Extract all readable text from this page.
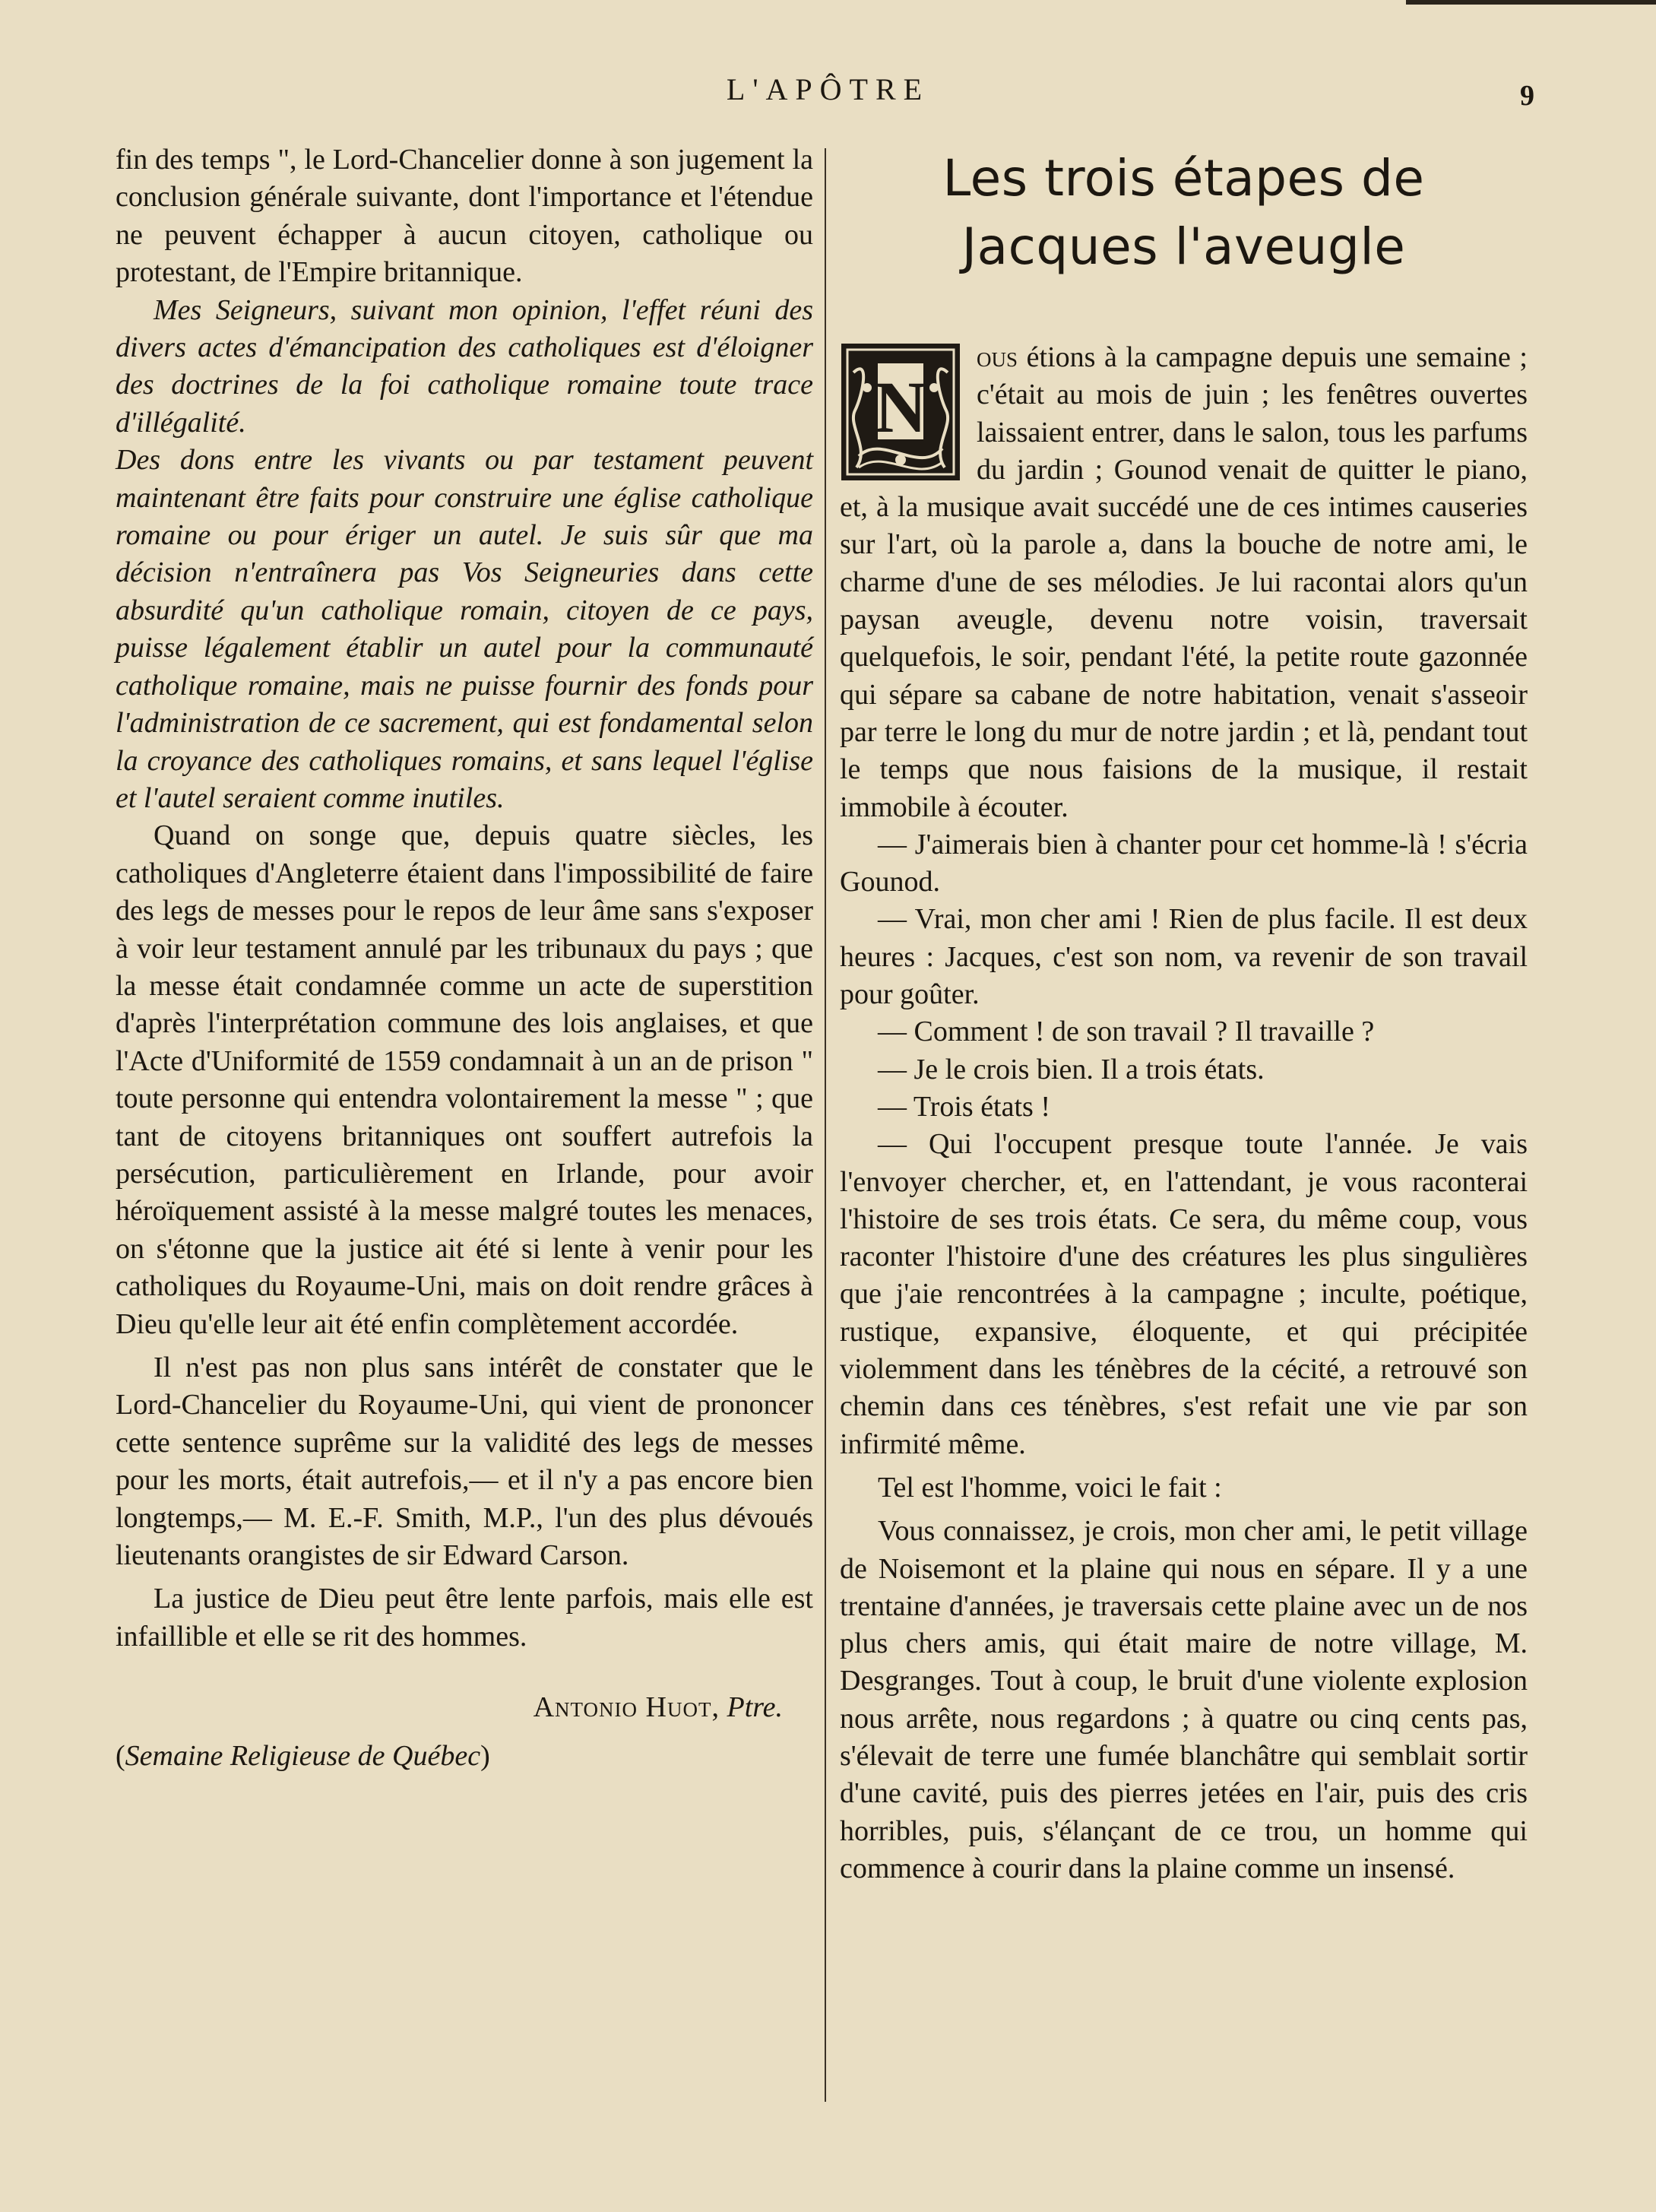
L'APÔTRE	9

fin des temps ", le Lord-Chancelier donne à son jugement la conclusion générale suivante, dont l'importance et l'étendue ne peuvent échapper à aucun citoyen, catholique ou protestant, de l'Empire britannique.

Mes Seigneurs, suivant mon opinion, l'effet réuni des divers actes d'émancipation des catholiques est d'éloigner des doctrines de la foi catholique romaine toute trace d'illégalité.

Des dons entre les vivants ou par testament peuvent maintenant être faits pour construire une église catholique romaine ou pour ériger un autel. Je suis sûr que ma décision n'entraînera pas Vos Seigneuries dans cette absurdité qu'un catholique romain, citoyen de ce pays, puisse légalement établir un autel pour la communauté catholique romaine, mais ne puisse fournir des fonds pour l'administration de ce sacrement, qui est fondamental selon la croyance des catholiques romains, et sans lequel l'église et l'autel seraient comme inutiles.

Quand on songe que, depuis quatre siècles, les catholiques d'Angleterre étaient dans l'impossibilité de faire des legs de messes pour le repos de leur âme sans s'exposer à voir leur testament annulé par les tribunaux du pays ; que la messe était condamnée comme un acte de superstition d'après l'interprétation commune des lois anglaises, et que l'Acte d'Uniformité de 1559 condamnait à un an de prison " toute personne qui entendra volontairement la messe " ; que tant de citoyens britanniques ont souffert autrefois la persécution, particulièrement en Irlande, pour avoir héroïquement assisté à la messe malgré toutes les menaces, on s'étonne que la justice ait été si lente à venir pour les catholiques du Royaume-Uni, mais on doit rendre grâces à Dieu qu'elle leur ait été enfin complètement accordée.

Il n'est pas non plus sans intérêt de constater que le Lord-Chancelier du Royaume-Uni, qui vient de prononcer cette sentence suprême sur la validité des legs de messes pour les morts, était autrefois,— et il n'y a pas encore bien longtemps,— M. E.-F. Smith, M.P., l'un des plus dévoués lieutenants orangistes de sir Edward Carson.

La justice de Dieu peut être lente parfois, mais elle est infaillible et elle se rit des hommes.

Antonio Huot, Ptre.

(Semaine Religieuse de Québec)

Les trois étapes de Jacques l'aveugle

N
ous étions à la campagne depuis une semaine ; c'était au mois de juin ; les fenêtres ouvertes laissaient entrer, dans le salon, tous les parfums du jardin ; Gounod venait de quitter le piano, et, à la musique avait succédé une de ces intimes causeries sur l'art, où la parole a, dans la bouche de notre ami, le charme d'une de ses mélodies. Je lui racontai alors qu'un paysan aveugle, devenu notre voisin, traversait quelquefois, le soir, pendant l'été, la petite route gazonnée qui sépare sa cabane de notre habitation, venait s'asseoir par terre le long du mur de notre jardin ; et là, pendant tout le temps que nous faisions de la musique, il restait immobile à écouter.

— J'aimerais bien à chanter pour cet homme-là ! s'écria Gounod.

— Vrai, mon cher ami ! Rien de plus facile. Il est deux heures : Jacques, c'est son nom, va revenir de son travail pour goûter.

— Comment ! de son travail ? Il travaille ?

— Je le crois bien. Il a trois états.

— Trois états !

— Qui l'occupent presque toute l'année. Je vais l'envoyer chercher, et, en l'attendant, je vous raconterai l'histoire de ses trois états. Ce sera, du même coup, vous raconter l'histoire d'une des créatures les plus singulières que j'aie rencontrées à la campagne ; inculte, poétique, rustique, expansive, éloquente, et qui précipitée violemment dans les ténèbres de la cécité, a retrouvé son chemin dans ces ténèbres, s'est refait une vie par son infirmité même.

Tel est l'homme, voici le fait :

Vous connaissez, je crois, mon cher ami, le petit village de Noisemont et la plaine qui nous en sépare. Il y a une trentaine d'années, je traversais cette plaine avec un de nos plus chers amis, qui était maire de notre village, M. Desgranges. Tout à coup, le bruit d'une violente explosion nous arrête, nous regardons ; à quatre ou cinq cents pas, s'élevait de terre une fumée blanchâtre qui semblait sortir d'une cavité, puis des pierres jetées en l'air, puis des cris horribles, puis, s'élançant de ce trou, un homme qui commence à courir dans la plaine comme un insensé.
